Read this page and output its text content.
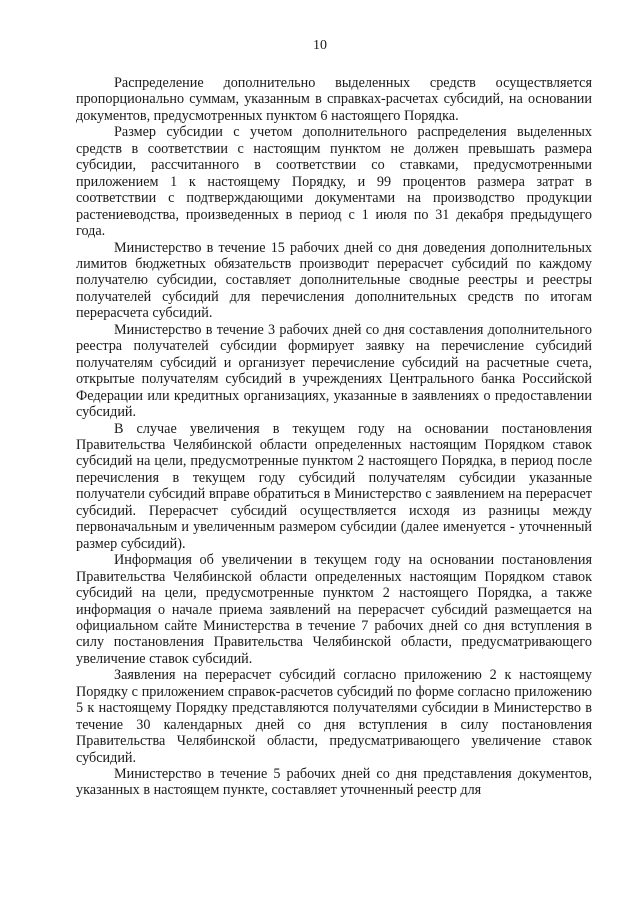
10

Распределение дополнительно выделенных средств осуществляется пропорционально суммам, указанным в справках-расчетах субсидий, на основании документов, предусмотренных пунктом 6 настоящего Порядка.

Размер субсидии с учетом дополнительного распределения выделенных средств в соответствии с настоящим пунктом не должен превышать размера субсидии, рассчитанного в соответствии со ставками, предусмотренными приложением 1 к настоящему Порядку, и 99 процентов размера затрат в соответствии с подтверждающими документами на производство продукции растениеводства, произведенных в период с 1 июля по 31 декабря предыдущего года.

Министерство в течение 15 рабочих дней со дня доведения дополнительных лимитов бюджетных обязательств производит перерасчет субсидий по каждому получателю субсидии, составляет дополнительные сводные реестры и реестры получателей субсидий для перечисления дополнительных средств по итогам перерасчета субсидий.

Министерство в течение 3 рабочих дней со дня составления дополнительного реестра получателей субсидии формирует заявку на перечисление субсидий получателям субсидий и организует перечисление субсидий на расчетные счета, открытые получателям субсидий в учреждениях Центрального банка Российской Федерации или кредитных организациях, указанные в заявлениях о предоставлении субсидий.

В случае увеличения в текущем году на основании постановления Правительства Челябинской области определенных настоящим Порядком ставок субсидий на цели, предусмотренные пунктом 2 настоящего Порядка, в период после перечисления в текущем году субсидий получателям субсидии указанные получатели субсидий вправе обратиться в Министерство с заявлением на перерасчет субсидий. Перерасчет субсидий осуществляется исходя из разницы между первоначальным и увеличенным размером субсидии (далее именуется - уточненный размер субсидий).

Информация об увеличении в текущем году на основании постановления Правительства Челябинской области определенных настоящим Порядком ставок субсидий на цели, предусмотренные пунктом 2 настоящего Порядка, а также информация о начале приема заявлений на перерасчет субсидий размещается на официальном сайте Министерства в течение 7 рабочих дней со дня вступления в силу постановления Правительства Челябинской области, предусматривающего увеличение ставок субсидий.

Заявления на перерасчет субсидий согласно приложению 2 к настоящему Порядку с приложением справок-расчетов субсидий по форме согласно приложению 5 к настоящему Порядку представляются получателями субсидии в Министерство в течение 30 календарных дней со дня вступления в силу постановления Правительства Челябинской области, предусматривающего увеличение ставок субсидий.

Министерство в течение 5 рабочих дней со дня представления документов, указанных в настоящем пункте, составляет уточненный реестр для
